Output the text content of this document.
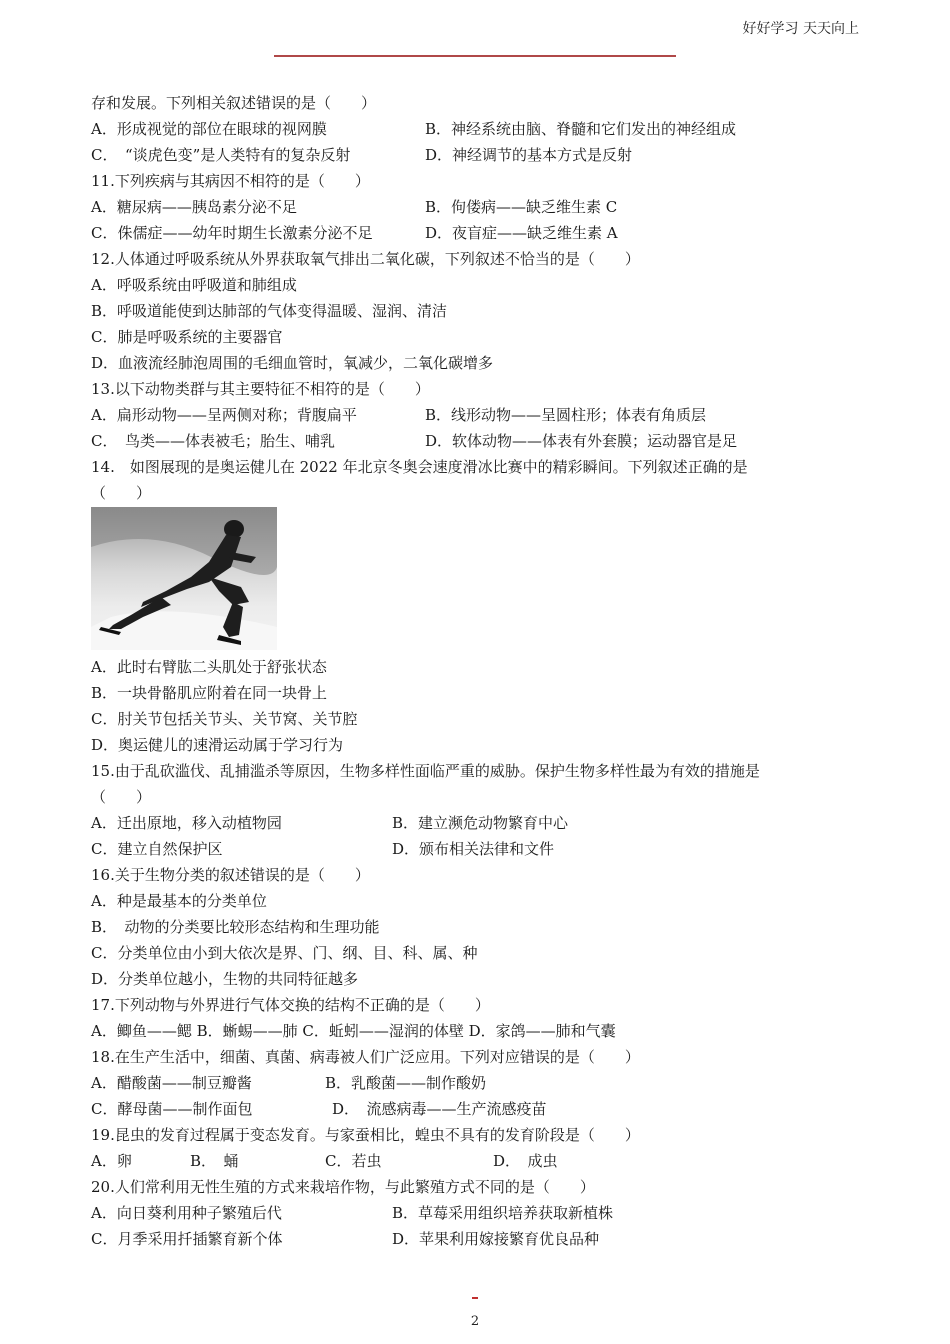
好好学习 天天向上
存和发展。下列相关叙述错误的是（　　）
A．形成视觉的部位在眼球的视网膜	B．神经系统由脑、脊髓和它们发出的神经组成
C．　“谈虎色变”是人类特有的复杂反射	D．神经调节的基本方式是反射
11.下列疾病与其病因不相符的是（　　）
A．糖尿病——胰岛素分泌不足	B．佝偻病——缺乏维生素 C
C．侏儒症——幼年时期生长激素分泌不足	D．夜盲症——缺乏维生素 A
12.人体通过呼吸系统从外界获取氧气排出二氧化碳，下列叙述不恰当的是（　　）
A．呼吸系统由呼吸道和肺组成
B．呼吸道能使到达肺部的气体变得温暖、湿润、清洁
C．肺是呼吸系统的主要器官
D．血液流经肺泡周围的毛细血管时，氧减少，二氧化碳增多
13.以下动物类群与其主要特征不相符的是（　　）
A．扁形动物——呈两侧对称；背腹扁平	B．线形动物——呈圆柱形；体表有角质层
C．　鸟类——体表被毛；胎生、哺乳	D．软体动物——体表有外套膜；运动器官是足
14.　如图展现的是奥运健儿在 2022 年北京冬奥会速度滑冰比赛中的精彩瞬间。下列叙述正确的是
（　　）
A．此时右臂肱二头肌处于舒张状态
B．一块骨骼肌应附着在同一块骨上
C．肘关节包括关节头、关节窝、关节腔
D．奥运健儿的速滑运动属于学习行为
15.由于乱砍滥伐、乱捕滥杀等原因，生物多样性面临严重的威胁。保护生物多样性最为有效的措施是
（　　）
A．迁出原地，移入动植物园	B．建立濒危动物繁育中心
C．建立自然保护区	D．颁布相关法律和文件
16.关于生物分类的叙述错误的是（　　）
A．种是最基本的分类单位
B．　动物的分类要比较形态结构和生理功能
C．分类单位由小到大依次是界、门、纲、目、科、属、种
D．分类单位越小，生物的共同特征越多
17.下列动物与外界进行气体交换的结构不正确的是（　　）
A．鲫鱼——鳃 B．蜥蜴——肺 C．蚯蚓——湿润的体壁 D．家鸽——肺和气囊
18.在生产生活中，细菌、真菌、病毒被人们广泛应用。下列对应错误的是（　　）
A．醋酸菌——制豆瓣酱	B．乳酸菌——制作酸奶
C．酵母菌——制作面包	D．　流感病毒——生产流感疫苗
19.昆虫的发育过程属于变态发育。与家蚕相比，蝗虫不具有的发育阶段是（　　）
A．卵	B．　蛹	C．若虫	D．　成虫
20.人们常利用无性生殖的方式来栽培作物，与此繁殖方式不同的是（　　）
A．向日葵利用种子繁殖后代	B．草莓采用组织培养获取新植株
C．月季采用扦插繁育新个体	D．苹果利用嫁接繁育优良品种
2
